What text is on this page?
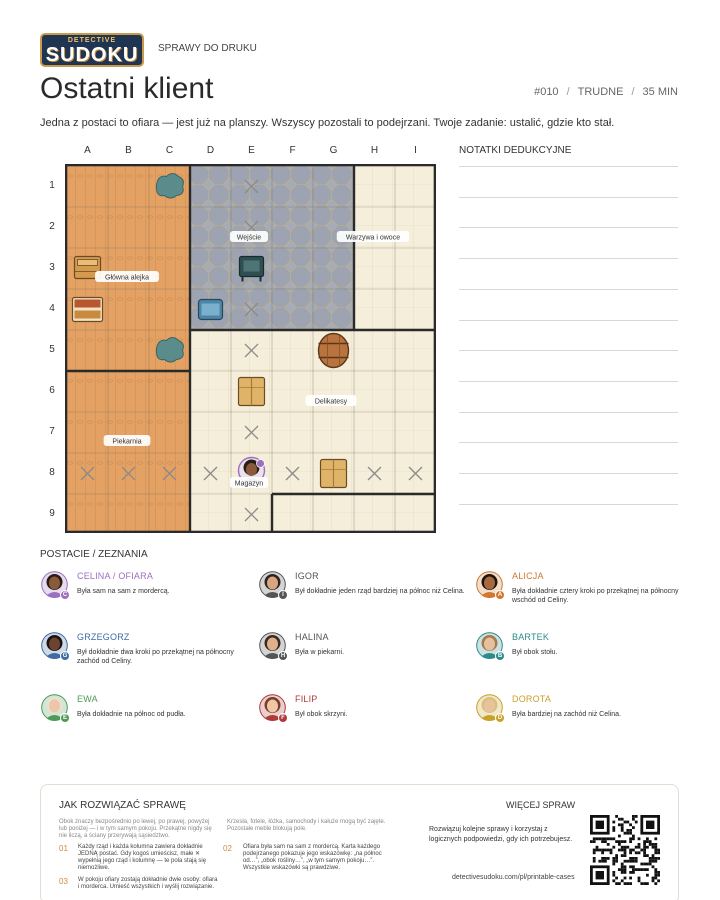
DETECTIVE
SUDOKU	SPRAWY DO DRUKU
Ostatni klient	#010 / TRUDNE / 35 MIN
Jedna z postaci to ofiara — jest już na planszy. Wszyscy pozostali to podejrzani. Twoje zadanie: ustalić, gdzie kto stał.
A	B	C	D	E	F	G	H	I
1
2
3
4
5
6
7
8
9
Wejście	Warzywa i owoce
Główna alejka
Delikatesy
Piekarnia
Magazyn
NOTATKI DEDUKCYJNE
POSTACIE / ZEZNANIA
C
CELINA / OFIARA
Była sam na sam z mordercą.	I
IGOR
Był dokładnie jeden rząd bardziej na północ niż Celina.	A
ALICJA
Była dokładnie cztery kroki po przekątnej na północny wschód od Celiny.
G
GRZEGORZ
Był dokładnie dwa kroki po przekątnej na północny zachód od Celiny.
H
HALINA
Była w piekarni.	B
BARTEK
Był obok stołu.
E
EWA
Była dokładnie na północ od pudła.	F
FILIP
Był obok skrzyni.	D
DOROTA
Była bardziej na zachód niż Celina.
JAK ROZWIĄZAĆ SPRAWĘ
Obok znaczy bezpośrednio po lewej, po prawej, powyżej lub poniżej — i w tym samym pokoju. Przekątne nigdy się nie liczą, a ściany przerywają sąsiedztwo.
Krzesła, fotele, łóżka, samochody i kałuże mogą być zajęte. Pozostałe meble blokują pole.
01 Każdy rząd i każda kolumna zawiera dokładnie JEDNĄ postać. Gdy kogoś umieścisz, małe ✕ wypełnią jego rząd i kolumnę — te pola stają się niemożliwe.
02 Ofiara była sam na sam z mordercą. Karta każdego podejrzanego pokazuje jego wskazówkę: „na północ od…”, „obok rośliny…”, „w tym samym pokoju…”. Wszystkie wskazówki są prawdziwe.
03 W pokoju ofiary zostają dokładnie dwie osoby: ofiara i morderca. Umieść wszystkich i wyślij rozwiązanie.
WIĘCEJ SPRAW
Rozwiązuj kolejne sprawy i korzystaj z logicznych podpowiedzi, gdy ich potrzebujesz.
detectivesudoku.com/pl/printable-cases
